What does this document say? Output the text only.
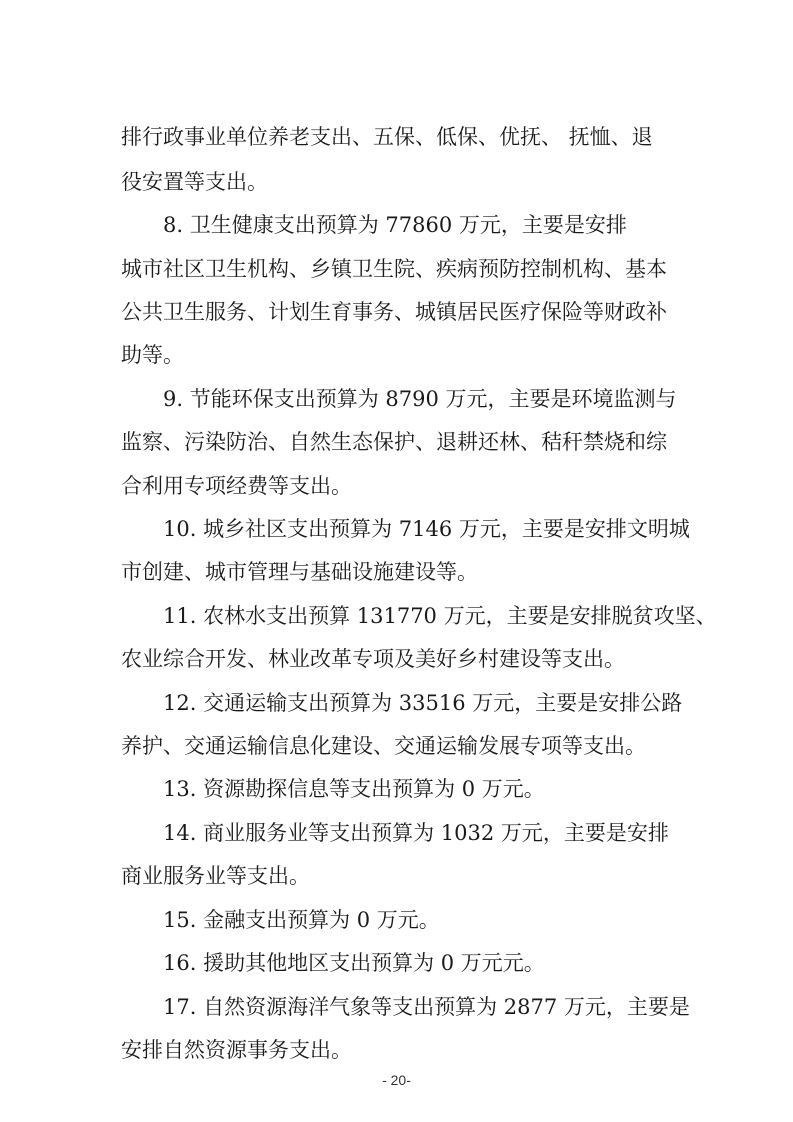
排行政事业单位养老支出、五保、低保、优抚、 抚恤、退
役安置等支出。
8. 卫生健康支出预算为 77860 万元，主要是安排
城市社区卫生机构、乡镇卫生院、疾病预防控制机构、基本
公共卫生服务、计划生育事务、城镇居民医疗保险等财政补
助等。
9. 节能环保支出预算为 8790 万元，主要是环境监测与
监察、污染防治、自然生态保护、退耕还林、秸秆禁烧和综
合利用专项经费等支出。
10. 城乡社区支出预算为 7146 万元，主要是安排文明城
市创建、城市管理与基础设施建设等。
11. 农林水支出预算 131770 万元，主要是安排脱贫攻坚、
农业综合开发、林业改革专项及美好乡村建设等支出。
12. 交通运输支出预算为 33516 万元，主要是安排公路
养护、交通运输信息化建设、交通运输发展专项等支出。
13. 资源勘探信息等支出预算为 0 万元。
14. 商业服务业等支出预算为 1032 万元，主要是安排
商业服务业等支出。
15. 金融支出预算为 0 万元。
16. 援助其他地区支出预算为 0 万元元。
17. 自然资源海洋气象等支出预算为 2877 万元，主要是
安排自然资源事务支出。
- 20-
